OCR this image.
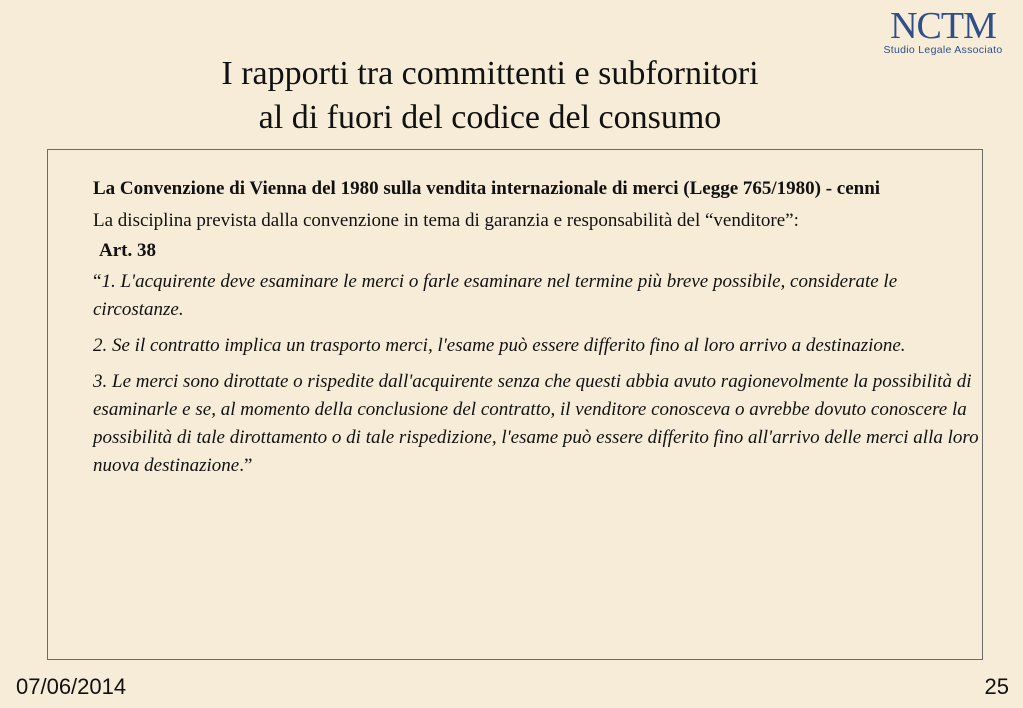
NCTM
Studio Legale Associato
I rapporti tra committenti e subfornitori
al di fuori del codice del consumo

La Convenzione di Vienna del 1980 sulla vendita internazionale di merci (Legge 765/1980) - cenni

La disciplina prevista dalla convenzione in tema di garanzia e responsabilità del “venditore”:

Art. 38

“1. L'acquirente deve esaminare le merci o farle esaminare nel termine più breve possibile, considerate le circostanze.

2. Se il contratto implica un trasporto merci, l'esame può essere differito fino al loro arrivo a destinazione.

3. Le merci sono dirottate o rispedite dall'acquirente senza che questi abbia avuto ragionevolmente la possibilità di esaminarle e se, al momento della conclusione del contratto, il venditore conosceva o avrebbe dovuto conoscere la possibilità di tale dirottamento o di tale rispedizione, l'esame può essere differito fino all'arrivo delle merci alla loro nuova destinazione.”

07/06/2014	25
